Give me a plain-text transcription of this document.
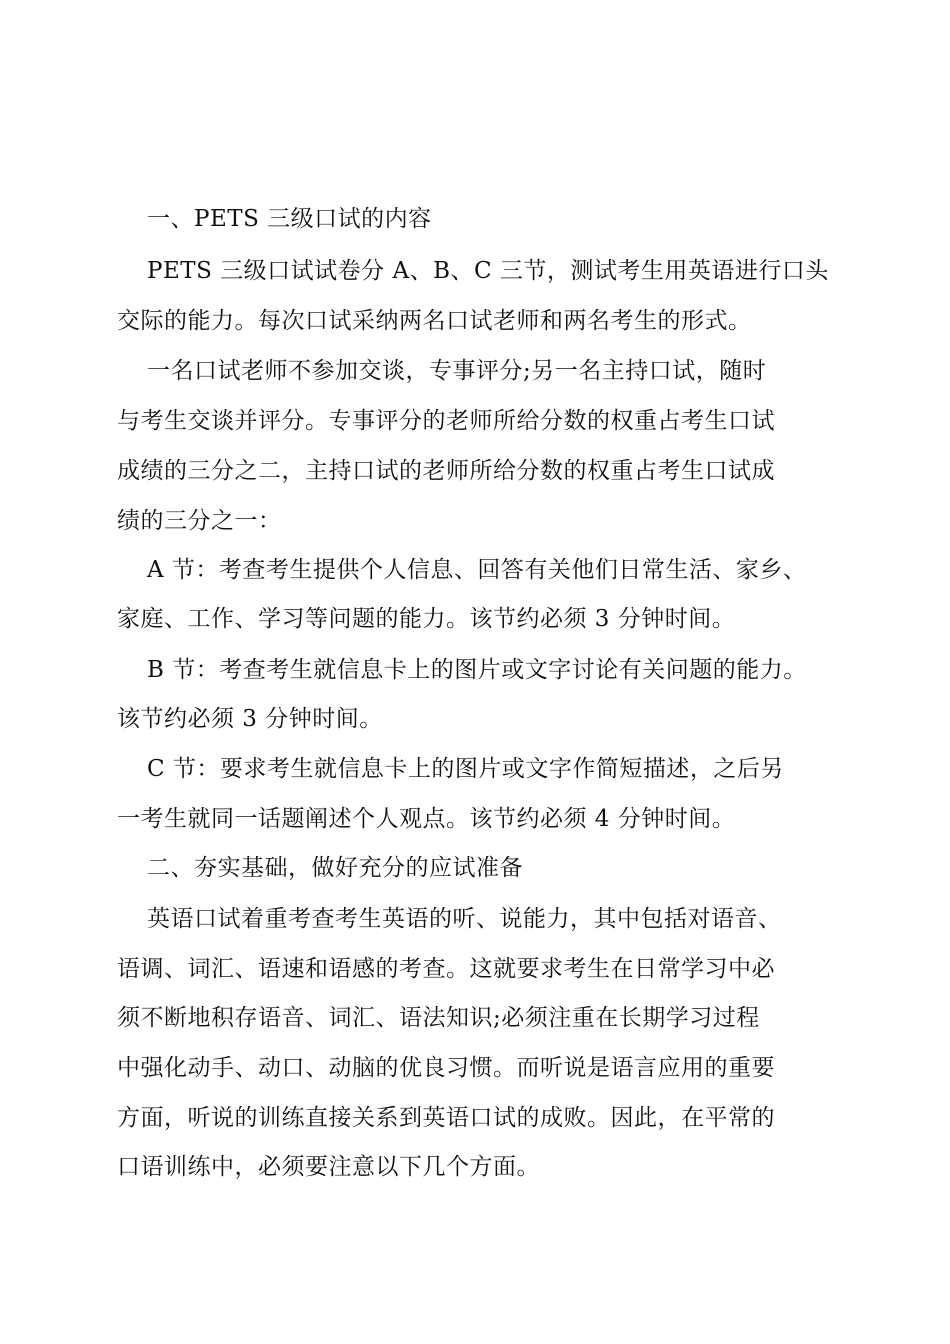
一、PETS 三级口试的内容
PETS 三级口试试卷分 A、B、C 三节，测试考生用英语进行口头
交际的能力。每次口试采纳两名口试老师和两名考生的形式。
一名口试老师不参加交谈，专事评分;另一名主持口试，随时
与考生交谈并评分。专事评分的老师所给分数的权重占考生口试
成绩的三分之二，主持口试的老师所给分数的权重占考生口试成
绩的三分之一：
A 节：考查考生提供个人信息、回答有关他们日常生活、家乡、
家庭、工作、学习等问题的能力。该节约必须 3 分钟时间。
B 节：考查考生就信息卡上的图片或文字讨论有关问题的能力。
该节约必须 3 分钟时间。
C 节：要求考生就信息卡上的图片或文字作简短描述，之后另
一考生就同一话题阐述个人观点。该节约必须 4 分钟时间。
二、夯实基础，做好充分的应试准备
英语口试着重考查考生英语的听、说能力，其中包括对语音、
语调、词汇、语速和语感的考查。这就要求考生在日常学习中必
须不断地积存语音、词汇、语法知识;必须注重在长期学习过程
中强化动手、动口、动脑的优良习惯。而听说是语言应用的重要
方面，听说的训练直接关系到英语口试的成败。因此，在平常的
口语训练中，必须要注意以下几个方面。
